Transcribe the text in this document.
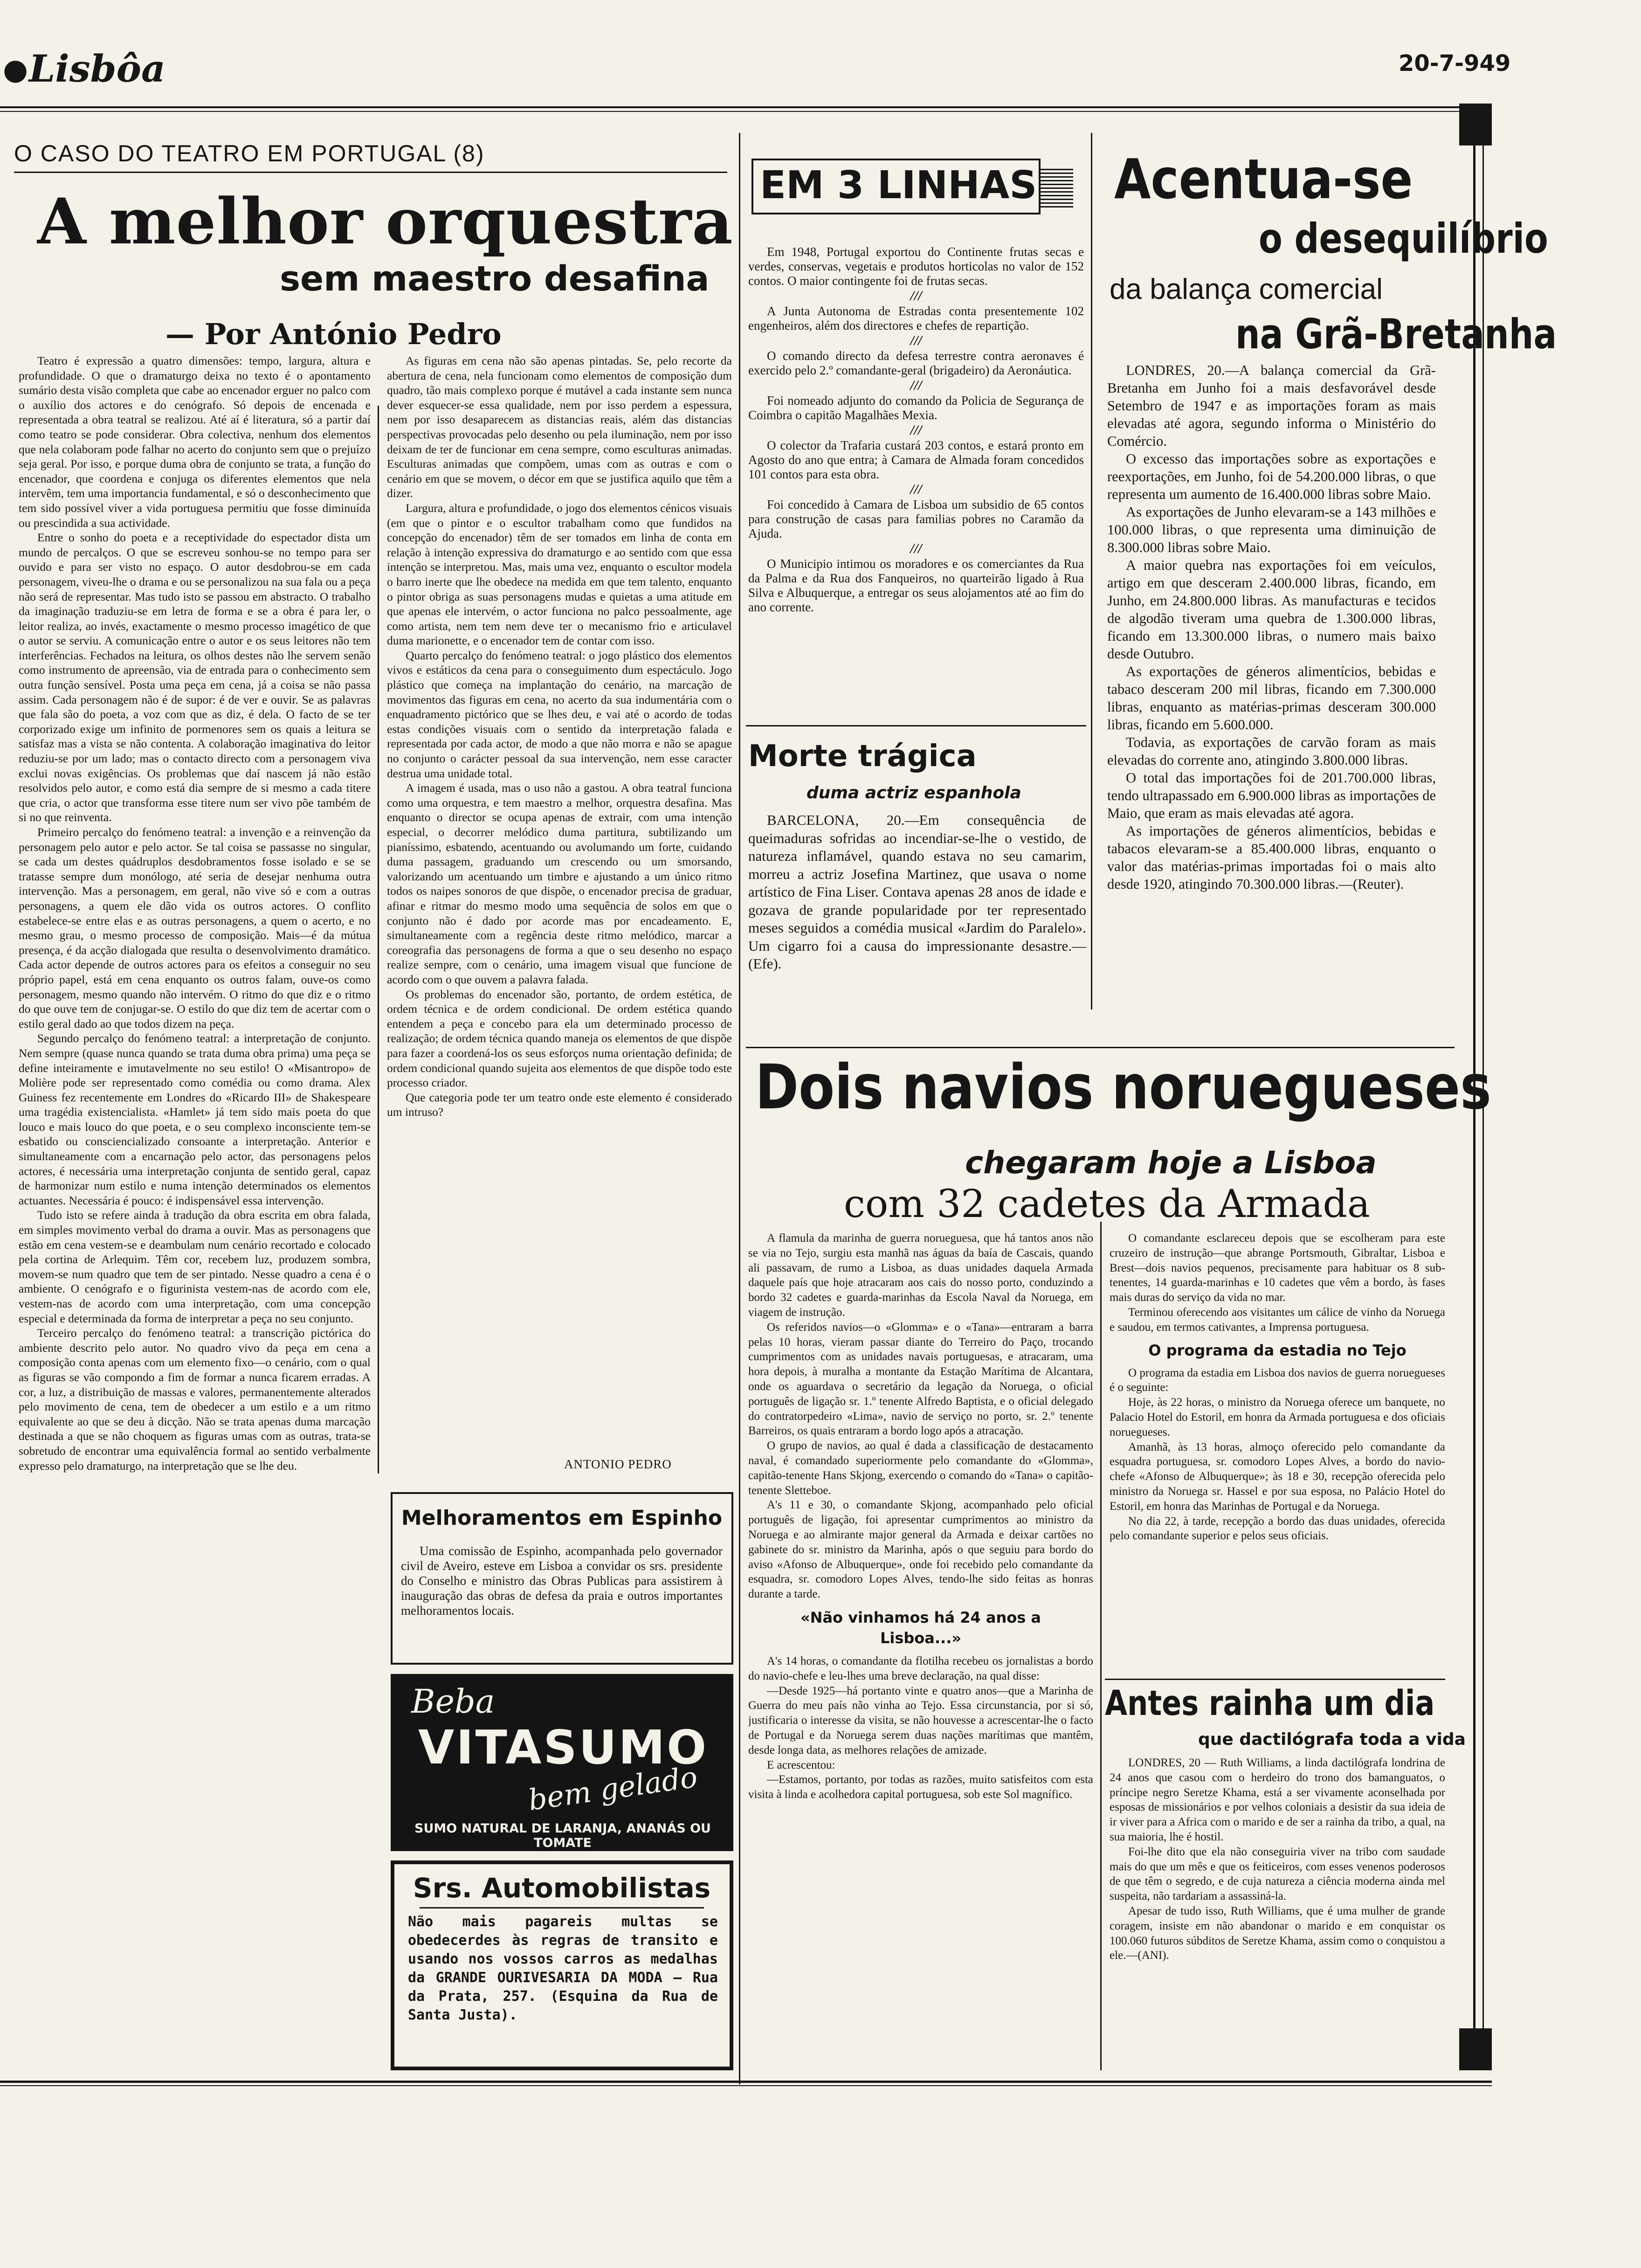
● Lisbôa	20-7-949
O CASO DO TEATRO EM PORTUGAL (8)
A melhor orquestra
sem maestro desafina
— Por António Pedro

Teatro é expressão a quatro dimensões: tempo, largura, altura e profundidade. O que o dramaturgo deixa no texto é o apontamento sumário desta visão completa que cabe ao encenador erguer no palco com o auxílio dos actores e do cenógrafo. Só depois de encenada e representada a obra teatral se realizou. Até aí é literatura, só a partir daí como teatro se pode considerar. Obra colectiva, nenhum dos elementos que nela colaboram pode falhar no acerto do conjunto sem que o prejuízo seja geral. Por isso, e porque duma obra de conjunto se trata, a função do encenador, que coordena e conjuga os diferentes elementos que nela intervêm, tem uma importancia fundamental, e só o desconhecimento que tem sido possível viver a vida portuguesa permitiu que fosse diminuída ou prescindida a sua actividade.

Entre o sonho do poeta e a receptividade do espectador dista um mundo de percalços. O que se escreveu sonhou-se no tempo para ser ouvido e para ser visto no espaço. O autor desdobrou-se em cada personagem, viveu-lhe o drama e ou se personalizou na sua fala ou a peça não será de representar. Mas tudo isto se passou em abstracto. O trabalho da imaginação traduziu-se em letra de forma e se a obra é para ler, o leitor realiza, ao invés, exactamente o mesmo processo imagético de que o autor se serviu. A comunicação entre o autor e os seus leitores não tem interferências. Fechados na leitura, os olhos destes não lhe servem senão como instrumento de apreensão, via de entrada para o conhecimento sem outra função sensível. Posta uma peça em cena, já a coisa se não passa assim. Cada personagem não é de supor: é de ver e ouvir. Se as palavras que fala são do poeta, a voz com que as diz, é dela. O facto de se ter corporizado exige um infinito de pormenores sem os quais a leitura se satisfaz mas a vista se não contenta. A colaboração imaginativa do leitor reduziu-se por um lado; mas o contacto directo com a personagem viva exclui novas exigências. Os problemas que daí nascem já não estão resolvidos pelo autor, e como está dia sempre de si mesmo a cada titere que cria, o actor que transforma esse titere num ser vivo põe também de si no que reinventa.

Primeiro percalço do fenómeno teatral: a invenção e a reinvenção da personagem pelo autor e pelo actor. Se tal coisa se passasse no singular, se cada um destes quádruplos desdobramentos fosse isolado e se se tratasse sempre dum monólogo, até seria de desejar nenhuma outra intervenção. Mas a personagem, em geral, não vive só e com a outras personagens, a quem ele dão vida os outros actores. O conflito estabelece-se entre elas e as outras personagens, a quem o acerto, e no mesmo grau, o mesmo processo de composição. Mais—é da mútua presença, é da acção dialogada que resulta o desenvolvimento dramático. Cada actor depende de outros actores para os efeitos a conseguir no seu próprio papel, está em cena enquanto os outros falam, ouve-os como personagem, mesmo quando não intervém. O ritmo do que diz e o ritmo do que ouve tem de conjugar-se. O estilo do que diz tem de acertar com o estilo geral dado ao que todos dizem na peça.

Segundo percalço do fenómeno teatral: a interpretação de conjunto. Nem sempre (quase nunca quando se trata duma obra prima) uma peça se define inteiramente e imutavelmente no seu estilo! O «Misantropo» de Molière pode ser representado como comédia ou como drama. Alex Guiness fez recentemente em Londres do «Ricardo III» de Shakespeare uma tragédia existencialista. «Hamlet» já tem sido mais poeta do que louco e mais louco do que poeta, e o seu complexo inconsciente tem-se esbatido ou consciencializado consoante a interpretação. Anterior e simultaneamente com a encarnação pelo actor, das personagens pelos actores, é necessária uma interpretação conjunta de sentido geral, capaz de harmonizar num estilo e numa intenção determinados os elementos actuantes. Necessária é pouco: é indispensável essa intervenção.

Tudo isto se refere ainda à tradução da obra escrita em obra falada, em simples movimento verbal do drama a ouvir. Mas as personagens que estão em cena vestem-se e deambulam num cenário recortado e colocado pela cortina de Arlequim. Têm cor, recebem luz, produzem sombra, movem-se num quadro que tem de ser pintado. Nesse quadro a cena é o ambiente. O cenógrafo e o figurinista vestem-nas de acordo com ele, vestem-nas de acordo com uma interpretação, com uma concepção especial e determinada da forma de interpretar a peça no seu conjunto.

Terceiro percalço do fenómeno teatral: a transcrição pictórica do ambiente descrito pelo autor. No quadro vivo da peça em cena a composição conta apenas com um elemento fixo—o cenário, com o qual as figuras se vão compondo a fim de formar a nunca ficarem erradas. A cor, a luz, a distribuição de massas e valores, permanentemente alterados pelo movimento de cena, tem de obedecer a um estilo e a um ritmo equivalente ao que se deu à dicção. Não se trata apenas duma marcação destinada a que se não choquem as figuras umas com as outras, trata-se sobretudo de encontrar uma equivalência formal ao sentido verbalmente expresso pelo dramaturgo, na interpretação que se lhe deu.

As figuras em cena não são apenas pintadas. Se, pelo recorte da abertura de cena, nela funcionam como elementos de composição dum quadro, tão mais complexo porque é mutável a cada instante sem nunca dever esquecer-se essa qualidade, nem por isso perdem a espessura, nem por isso desaparecem as distancias reais, além das distancias perspectivas provocadas pelo desenho ou pela iluminação, nem por isso deixam de ter de funcionar em cena sempre, como esculturas animadas. Esculturas animadas que compõem, umas com as outras e com o cenário em que se movem, o décor em que se justifica aquilo que têm a dizer.

Largura, altura e profundidade, o jogo dos elementos cénicos visuais (em que o pintor e o escultor trabalham como que fundidos na concepção do encenador) têm de ser tomados em linha de conta em relação à intenção expressiva do dramaturgo e ao sentido com que essa intenção se interpretou. Mas, mais uma vez, enquanto o escultor modela o barro inerte que lhe obedece na medida em que tem talento, enquanto o pintor obriga as suas personagens mudas e quietas a uma atitude em que apenas ele intervém, o actor funciona no palco pessoalmente, age como artista, nem tem nem deve ter o mecanismo frio e articulavel duma marionette, e o encenador tem de contar com isso.

Quarto percalço do fenómeno teatral: o jogo plástico dos elementos vivos e estáticos da cena para o conseguimento dum espectáculo. Jogo plástico que começa na implantação do cenário, na marcação de movimentos das figuras em cena, no acerto da sua indumentária com o enquadramento pictórico que se lhes deu, e vai até o acordo de todas estas condições visuais com o sentido da interpretação falada e representada por cada actor, de modo a que não morra e não se apague no conjunto o carácter pessoal da sua intervenção, nem esse caracter destrua uma unidade total.

A imagem é usada, mas o uso não a gastou. A obra teatral funciona como uma orquestra, e tem maestro a melhor, orquestra desafina. Mas enquanto o director se ocupa apenas de extrair, com uma intenção especial, o decorrer melódico duma partitura, subtilizando um pianíssimo, esbatendo, acentuando ou avolumando um forte, cuidando duma passagem, graduando um crescendo ou um smorsando, valorizando um acentuando um timbre e ajustando a um único ritmo todos os naipes sonoros de que dispõe, o encenador precisa de graduar, afinar e ritmar do mesmo modo uma sequência de solos em que o conjunto não é dado por acorde mas por encadeamento. E, simultaneamente com a regência deste ritmo melódico, marcar a coreografia das personagens de forma a que o seu desenho no espaço realize sempre, com o cenário, uma imagem visual que funcione de acordo com o que ouvem a palavra falada.

Os problemas do encenador são, portanto, de ordem estética, de ordem técnica e de ordem condicional. De ordem estética quando entendem a peça e concebo para ela um determinado processo de realização; de ordem técnica quando maneja os elementos de que dispõe para fazer a coordená-los os seus esforços numa orientação definida; de ordem condicional quando sujeita aos elementos de que dispõe todo este processo criador.

Que categoria pode ter um teatro onde este elemento é considerado um intruso?

ANTONIO PEDRO
Melhoramentos em Espinho
Uma comissão de Espinho, acompanhada pelo governador civil de Aveiro, esteve em Lisboa a convidar os srs. presidente do Conselho e ministro das Obras Publicas para assistirem à inauguração das obras de defesa da praia e outros importantes melhoramentos locais.
Beba
VITASUMO
bem gelado
SUMO NATURAL DE LARANJA, ANANÁS OU TOMATE
Srs. Automobilistas
Não mais pagareis multas se obedecerdes às regras de transito e usando nos vossos carros as medalhas da GRANDE OURIVESARIA DA MODA — Rua da Prata, 257. (Esquina da Rua de Santa Justa).
EM 3 LINHAS

Em 1948, Portugal exportou do Continente frutas secas e verdes, conservas, vegetais e produtos horticolas no valor de 152 contos. O maior contingente foi de frutas secas.

///

A Junta Autonoma de Estradas conta presentemente 102 engenheiros, além dos directores e chefes de repartição.

///

O comando directo da defesa terrestre contra aeronaves é exercido pelo 2.º comandante-geral (brigadeiro) da Aeronáutica.

///

Foi nomeado adjunto do comando da Policia de Segurança de Coimbra o capitão Magalhães Mexia.

///

O colector da Trafaria custará 203 contos, e estará pronto em Agosto do ano que entra; à Camara de Almada foram concedidos 101 contos para esta obra.

///

Foi concedido à Camara de Lisboa um subsidio de 65 contos para construção de casas para familias pobres no Caramão da Ajuda.

///

O Municipio intimou os moradores e os comerciantes da Rua da Palma e da Rua dos Fanqueiros, no quarteirão ligado à Rua Silva e Albuquerque, a entregar os seus alojamentos até ao fim do ano corrente.

Morte trágica
duma actriz espanhola

BARCELONA, 20.—Em consequência de queimaduras sofridas ao incendiar-se-lhe o vestido, de natureza inflamável, quando estava no seu camarim, morreu a actriz Josefina Martinez, que usava o nome artístico de Fina Liser. Contava apenas 28 anos de idade e gozava de grande popularidade por ter representado meses seguidos a comédia musical «Jardim do Paralelo». Um cigarro foi a causa do impressionante desastre.—(Efe).

Acentua-se
o desequilíbrio
da balança comercial
na Grã-Bretanha

LONDRES, 20.—A balança comercial da Grã-Bretanha em Junho foi a mais desfavorável desde Setembro de 1947 e as importações foram as mais elevadas até agora, segundo informa o Ministério do Comércio.

O excesso das importações sobre as exportações e reexportações, em Junho, foi de 54.200.000 libras, o que representa um aumento de 16.400.000 libras sobre Maio.

As exportações de Junho elevaram-se a 143 milhões e 100.000 libras, o que representa uma diminuição de 8.300.000 libras sobre Maio.

A maior quebra nas exportações foi em veículos, artigo em que desceram 2.400.000 libras, ficando, em Junho, em 24.800.000 libras. As manufacturas e tecidos de algodão tiveram uma quebra de 1.300.000 libras, ficando em 13.300.000 libras, o numero mais baixo desde Outubro.

As exportações de géneros alimentícios, bebidas e tabaco desceram 200 mil libras, ficando em 7.300.000 libras, enquanto as matérias-primas desceram 300.000 libras, ficando em 5.600.000.

Todavia, as exportações de carvão foram as mais elevadas do corrente ano, atingindo 3.800.000 libras.

O total das importações foi de 201.700.000 libras, tendo ultrapassado em 6.900.000 libras as importações de Maio, que eram as mais elevadas até agora.

As importações de géneros alimentícios, bebidas e tabacos elevaram-se a 85.400.000 libras, enquanto o valor das matérias-primas importadas foi o mais alto desde 1920, atingindo 70.300.000 libras.—(Reuter).

Dois navios noruegueses
chegaram hoje a Lisboa
com 32 cadetes da Armada

A flamula da marinha de guerra norueguesa, que há tantos anos não se via no Tejo, surgiu esta manhã nas águas da baía de Cascais, quando ali passavam, de rumo a Lisboa, as duas unidades daquela Armada daquele país que hoje atracaram aos cais do nosso porto, conduzindo a bordo 32 cadetes e guarda-marinhas da Escola Naval da Noruega, em viagem de instrução.

Os referidos navios—o «Glomma» e o «Tana»—entraram a barra pelas 10 horas, vieram passar diante do Terreiro do Paço, trocando cumprimentos com as unidades navais portuguesas, e atracaram, uma hora depois, à muralha a montante da Estação Marítima de Alcantara, onde os aguardava o secretário da legação da Noruega, o oficial português de ligação sr. 1.º tenente Alfredo Baptista, e o oficial delegado do contratorpedeiro «Lima», navio de serviço no porto, sr. 2.º tenente Barreiros, os quais entraram a bordo logo após a atracação.

O grupo de navios, ao qual é dada a classificação de destacamento naval, é comandado superiormente pelo comandante do «Glomma», capitão-tenente Hans Skjong, exercendo o comando do «Tana» o capitão-tenente Sletteboe.

A's 11 e 30, o comandante Skjong, acompanhado pelo oficial português de ligação, foi apresentar cumprimentos ao ministro da Noruega e ao almirante major general da Armada e deixar cartões no gabinete do sr. ministro da Marinha, após o que seguiu para bordo do aviso «Afonso de Albuquerque», onde foi recebido pelo comandante da esquadra, sr. comodoro Lopes Alves, tendo-lhe sido feitas as honras durante a tarde.

«Não vinhamos há 24 anos a Lisboa...»

A's 14 horas, o comandante da flotilha recebeu os jornalistas a bordo do navio-chefe e leu-lhes uma breve declaração, na qual disse:

—Desde 1925—há portanto vinte e quatro anos—que a Marinha de Guerra do meu país não vinha ao Tejo. Essa circunstancia, por si só, justificaria o interesse da visita, se não houvesse a acrescentar-lhe o facto de Portugal e da Noruega serem duas nações marítimas que mantêm, desde longa data, as melhores relações de amizade.

E acrescentou:

—Estamos, portanto, por todas as razões, muito satisfeitos com esta visita à linda e acolhedora capital portuguesa, sob este Sol magnífico.

O comandante esclareceu depois que se escolheram para este cruzeiro de instrução—que abrange Portsmouth, Gibraltar, Lisboa e Brest—dois navios pequenos, precisamente para habituar os 8 sub-tenentes, 14 guarda-marinhas e 10 cadetes que vêm a bordo, às fases mais duras do serviço da vida no mar.

Terminou oferecendo aos visitantes um cálice de vinho da Noruega e saudou, em termos cativantes, a Imprensa portuguesa.

O programa da estadia no Tejo

O programa da estadia em Lisboa dos navios de guerra noruegueses é o seguinte:

Hoje, às 22 horas, o ministro da Noruega oferece um banquete, no Palacio Hotel do Estoril, em honra da Armada portuguesa e dos oficiais noruegueses.

Amanhã, às 13 horas, almoço oferecido pelo comandante da esquadra portuguesa, sr. comodoro Lopes Alves, a bordo do navio-chefe «Afonso de Albuquerque»; às 18 e 30, recepção oferecida pelo ministro da Noruega sr. Hassel e por sua esposa, no Palácio Hotel do Estoril, em honra das Marinhas de Portugal e da Noruega.

No dia 22, à tarde, recepção a bordo das duas unidades, oferecida pelo comandante superior e pelos seus oficiais.

Antes rainha um dia
que dactilógrafa toda a vida

LONDRES, 20 — Ruth Williams, a linda dactilógrafa londrina de 24 anos que casou com o herdeiro do trono dos bamanguatos, o príncipe negro Seretze Khama, está a ser vivamente aconselhada por esposas de missionários e por velhos coloniais a desistir da sua ideia de ir viver para a Africa com o marido e de ser a rainha da tribo, a qual, na sua maioria, lhe é hostil.

Foi-lhe dito que ela não conseguiria viver na tribo com saudade mais do que um mês e que os feiticeiros, com esses venenos poderosos de que têm o segredo, e de cuja natureza a ciência moderna ainda mel suspeita, não tardariam a assassiná-la.

Apesar de tudo isso, Ruth Williams, que é uma mulher de grande coragem, insiste em não abandonar o marido e em conquistar os 100.060 futuros súbditos de Seretze Khama, assim como o conquistou a ele.—(ANI).
